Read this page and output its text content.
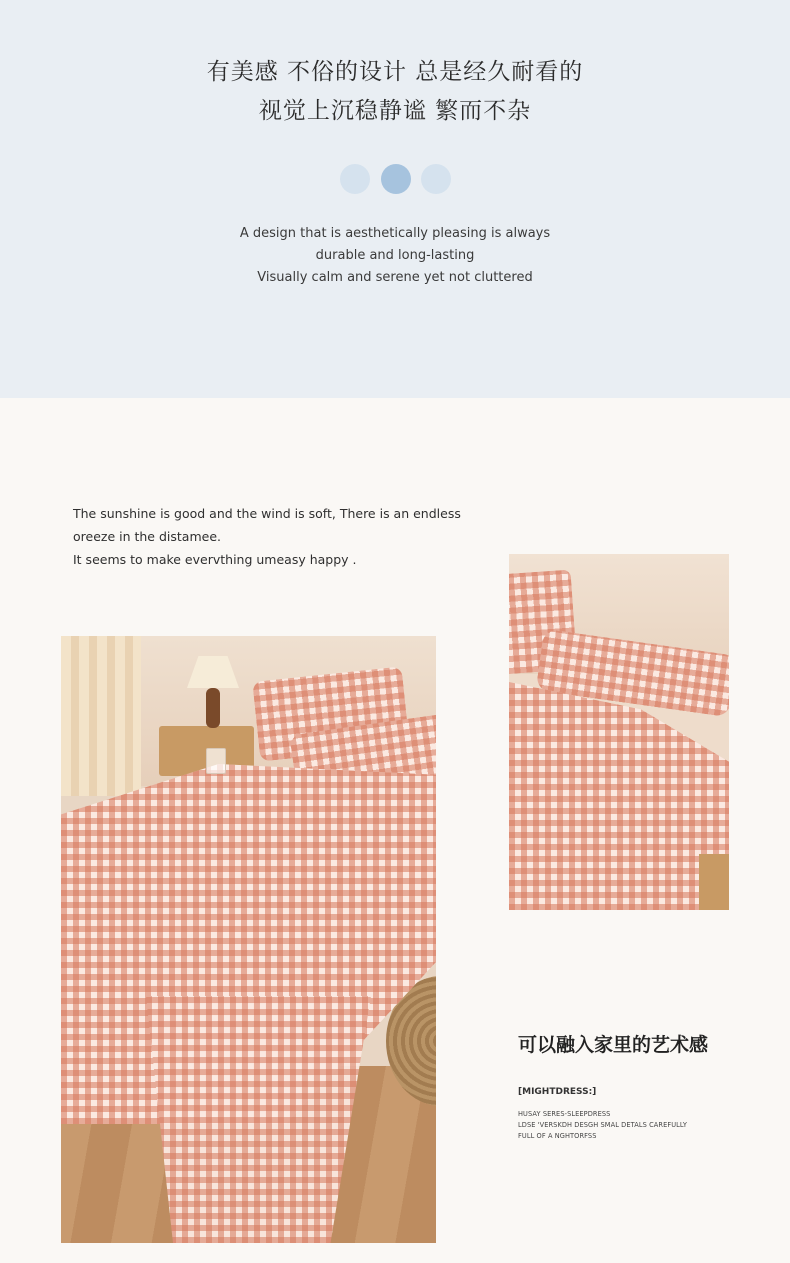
有美感 不俗的设计 总是经久耐看的
视觉上沉稳静谧 繁而不杂
A design that is aesthetically pleasing is always
durable and long-lasting
Visually calm and serene yet not cluttered
The sunshine is good and the wind is soft, There is an endless
oreeze in the distamee.
It seems to make evervthing umeasy happy .
可以融入家里的艺术感
[MIGHTDRESS:]
HUSAY SERES-SLEEPDRESS
LDSE 'VERSKDH DESGH SMAL DETALS CAREFULLY
FULL OF A NGHTORFSS
